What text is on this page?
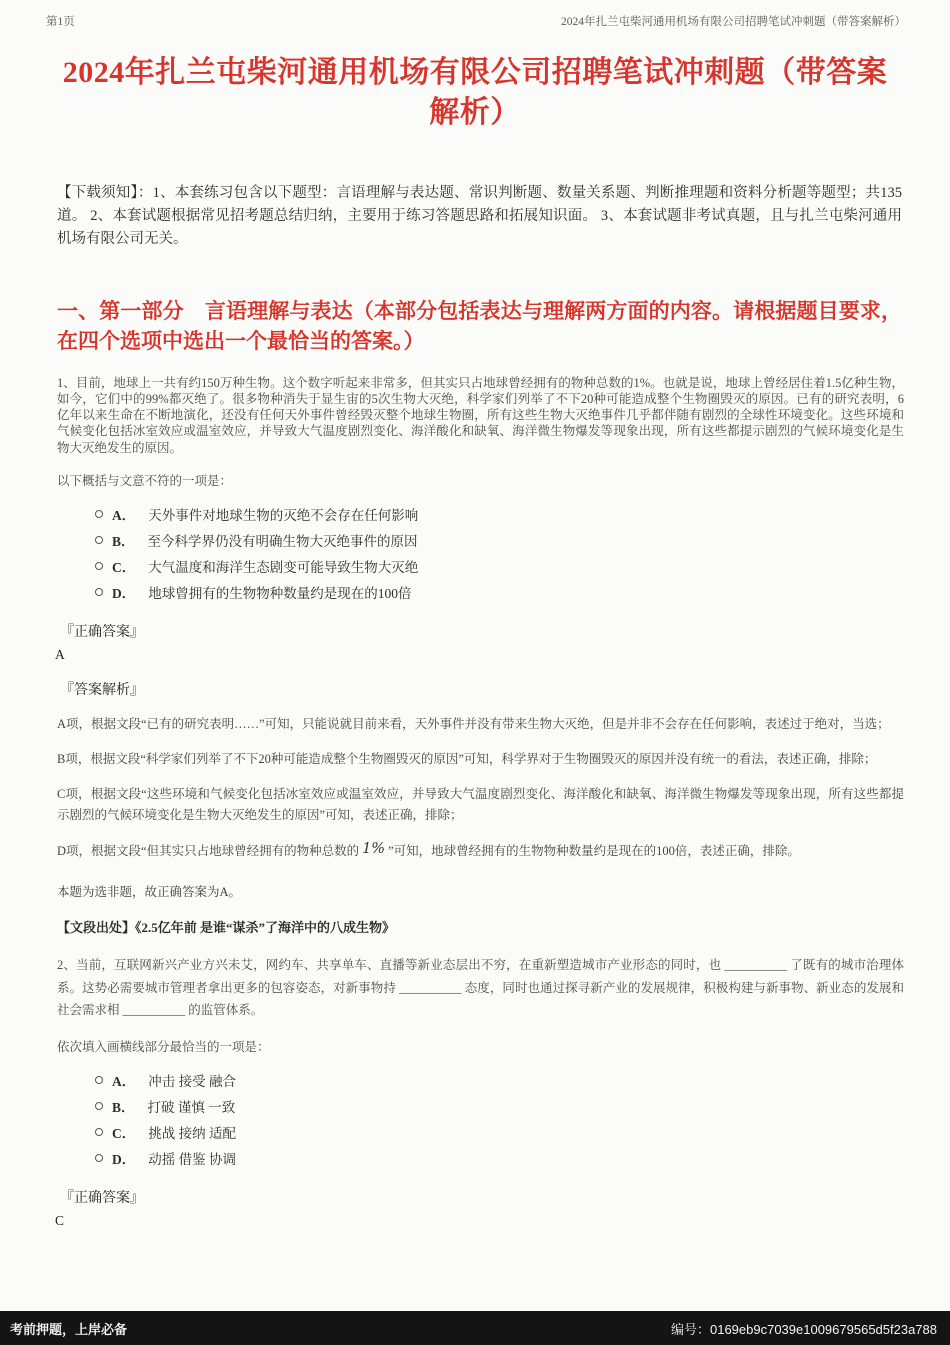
第1页	2024年扎兰屯柴河通用机场有限公司招聘笔试冲刺题（带答案解析）
2024年扎兰屯柴河通用机场有限公司招聘笔试冲刺题（带答案解析）

【下载须知】：1、本套练习包含以下题型：言语理解与表达题、常识判断题、数量关系题、判断推理题和资料分析题等题型；共135道。 2、本套试题根据常见招考题总结归纳，主要用于练习答题思路和拓展知识面。 3、本套试题非考试真题，且与扎兰屯柴河通用机场有限公司无关。

一、第一部分　言语理解与表达（本部分包括表达与理解两方面的内容。请根据题目要求，在四个选项中选出一个最恰当的答案。）

1、目前，地球上一共有约150万种生物。这个数字听起来非常多，但其实只占地球曾经拥有的物种总数的1%。也就是说，地球上曾经居住着1.5亿种生物，如今，它们中的99%都灭绝了。很多物种消失于显生宙的5次生物大灭绝，科学家们列举了不下20种可能造成整个生物圈毁灭的原因。已有的研究表明，6亿年以来生命在不断地演化，还没有任何天外事件曾经毁灭整个地球生物圈，所有这些生物大灭绝事件几乎都伴随有剧烈的全球性环境变化。这些环境和气候变化包括冰室效应或温室效应，并导致大气温度剧烈变化、海洋酸化和缺氧、海洋微生物爆发等现象出现，所有这些都提示剧烈的气候环境变化是生物大灭绝发生的原因。

以下概括与文意不符的一项是：

A． 天外事件对地球生物的灭绝不会存在任何影响
B． 至今科学界仍没有明确生物大灭绝事件的原因
C． 大气温度和海洋生态剧变可能导致生物大灭绝
D． 地球曾拥有的生物物种数量约是现在的100倍

『正确答案』

A

『答案解析』

A项，根据文段“已有的研究表明……”可知，只能说就目前来看，天外事件并没有带来生物大灭绝，但是并非不会存在任何影响，表述过于绝对，当选；

B项，根据文段“科学家们列举了不下20种可能造成整个生物圈毁灭的原因”可知，科学界对于生物圈毁灭的原因并没有统一的看法，表述正确，排除；

C项，根据文段“这些环境和气候变化包括冰室效应或温室效应，并导致大气温度剧烈变化、海洋酸化和缺氧、海洋微生物爆发等现象出现，所有这些都提示剧烈的气候环境变化是生物大灭绝发生的原因”可知，表述正确，排除；

D项，根据文段“但其实只占地球曾经拥有的物种总数的 1% ”可知，地球曾经拥有的生物物种数量约是现在的100倍，表述正确，排除。

本题为选非题，故正确答案为A。

【文段出处】《2.5亿年前 是谁“谋杀”了海洋中的八成生物》

2、当前，互联网新兴产业方兴未艾，网约车、共享单车、直播等新业态层出不穷，在重新塑造城市产业形态的同时，也 __________ 了既有的城市治理体系。这势必需要城市管理者拿出更多的包容姿态，对新事物持 __________ 态度，同时也通过探寻新产业的发展规律，积极构建与新事物、新业态的发展和社会需求相 __________ 的监管体系。

依次填入画横线部分最恰当的一项是：

A． 冲击 接受 融合
B． 打破 谨慎 一致
C． 挑战 接纳 适配
D． 动摇 借鉴 协调

『正确答案』

C

考前押题，上岸必备	编号：0169eb9c7039e1009679565d5f23a788
